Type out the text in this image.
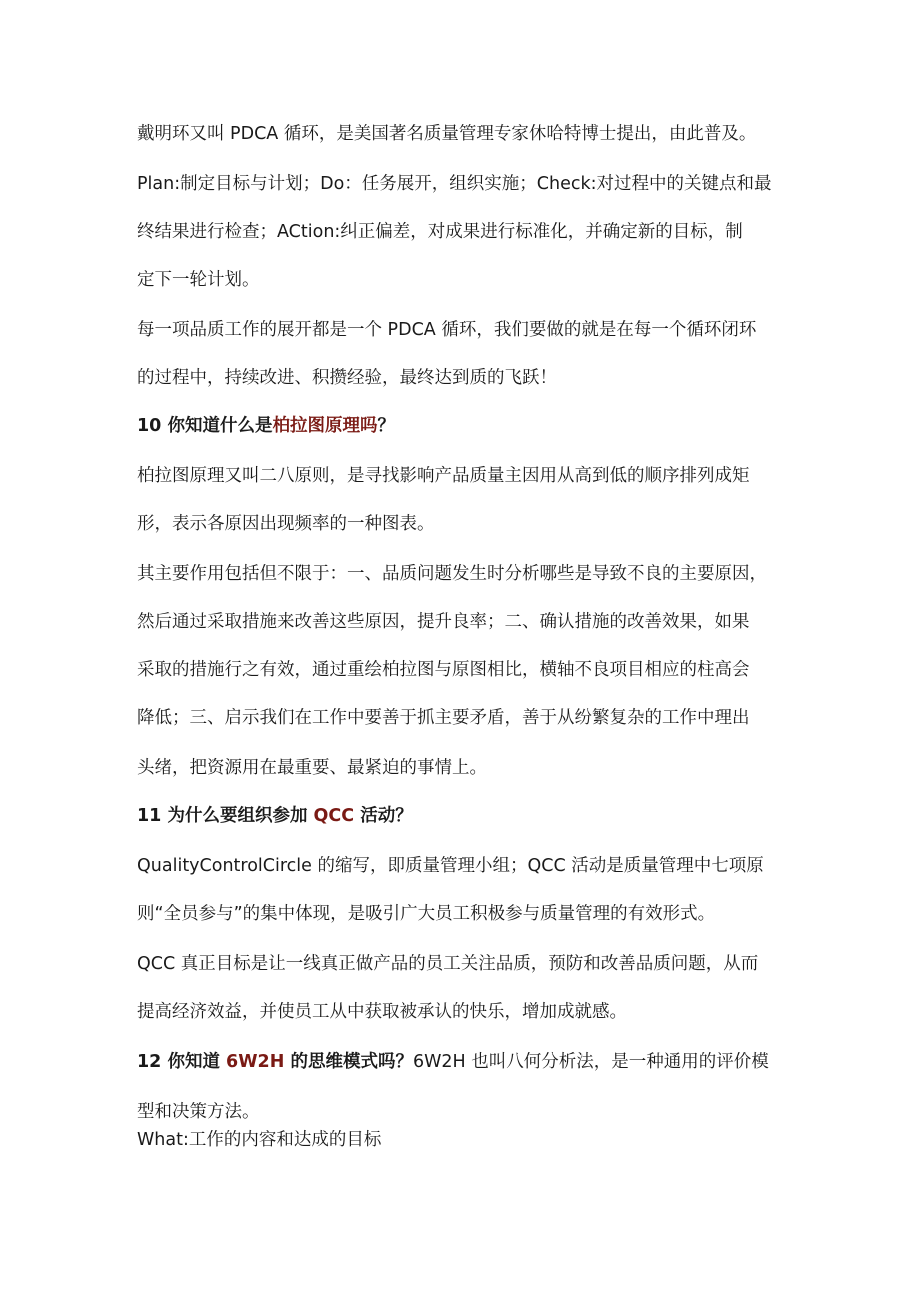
戴明环又叫 PDCA 循环，是美国著名质量管理专家休哈特博士提出，由此普及。
Plan:制定目标与计划；Do：任务展开，组织实施；Check:对过程中的关键点和最
终结果进行检查；ACtion:纠正偏差，对成果进行标准化，并确定新的目标，制
定下一轮计划。
每一项品质工作的展开都是一个 PDCA 循环，我们要做的就是在每一个循环闭环
的过程中，持续改进、积攒经验，最终达到质的飞跃！
10 你知道什么是柏拉图原理吗？
柏拉图原理又叫二八原则，是寻找影响产品质量主因用从高到低的顺序排列成矩
形，表示各原因出现频率的一种图表。
其主要作用包括但不限于：一、品质问题发生时分析哪些是导致不良的主要原因，
然后通过采取措施来改善这些原因，提升良率；二、确认措施的改善效果，如果
采取的措施行之有效，通过重绘柏拉图与原图相比，横轴不良项目相应的柱高会
降低；三、启示我们在工作中要善于抓主要矛盾，善于从纷繁复杂的工作中理出
头绪，把资源用在最重要、最紧迫的事情上。
11 为什么要组织参加 QCC 活动？
QualityControlCircle 的缩写，即质量管理小组；QCC 活动是质量管理中七项原
则“全员参与”的集中体现，是吸引广大员工积极参与质量管理的有效形式。
QCC 真正目标是让一线真正做产品的员工关注品质，预防和改善品质问题，从而
提高经济效益，并使员工从中获取被承认的快乐，增加成就感。
12 你知道 6W2H 的思维模式吗？6W2H 也叫八何分析法，是一种通用的评价模
型和决策方法。
What:工作的内容和达成的目标
